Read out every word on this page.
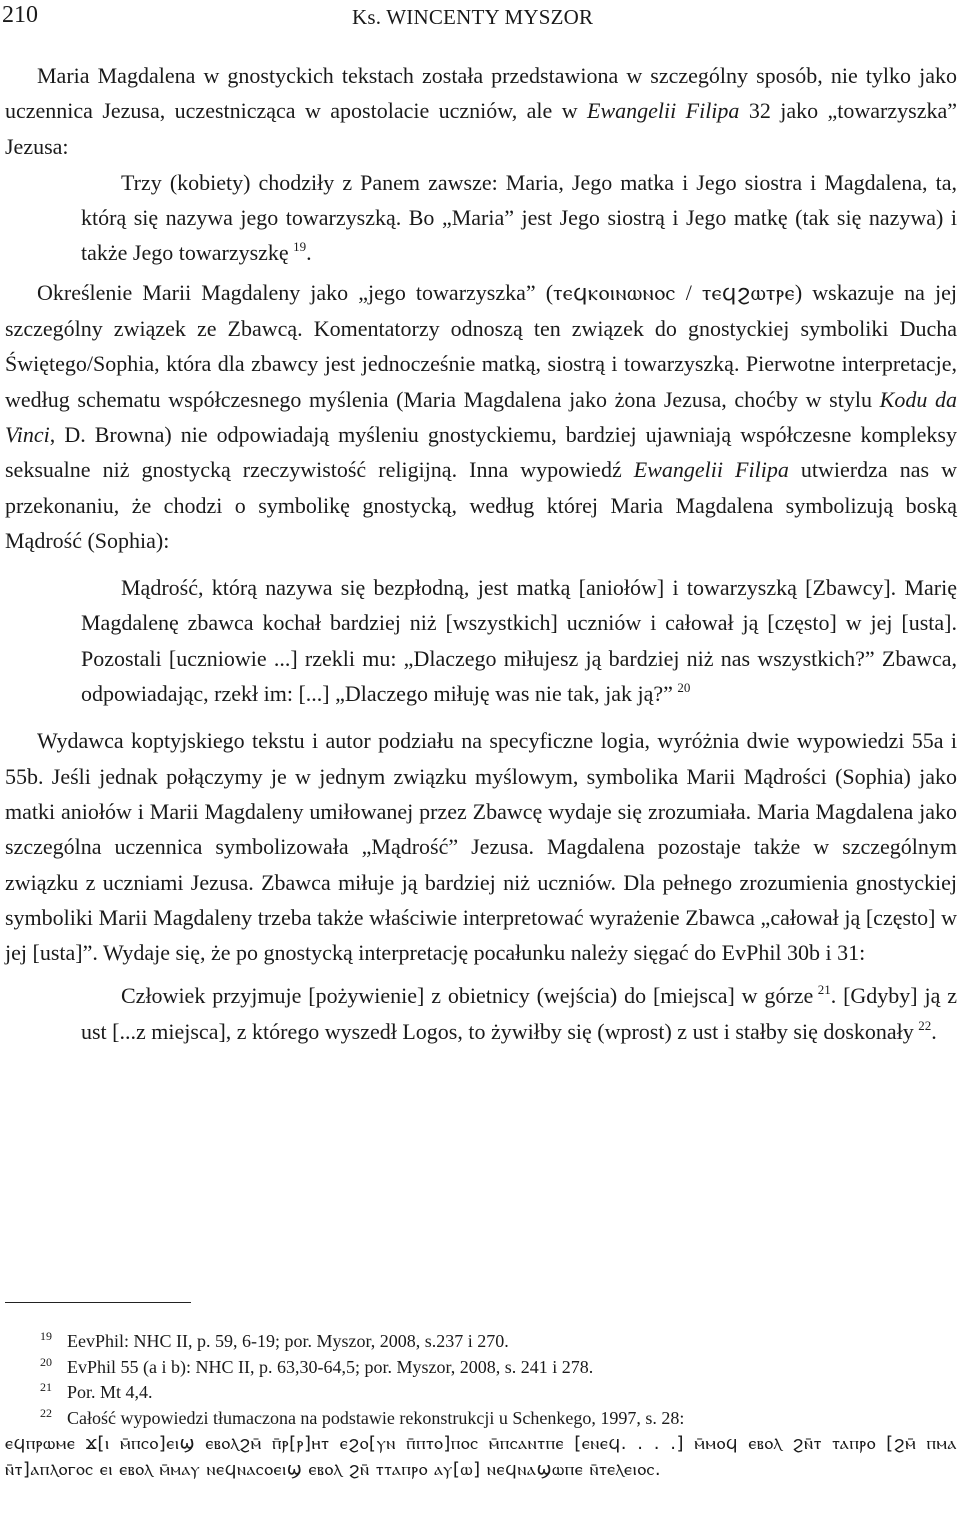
210	Ks. WINCENTY MYSZOR

Maria Magdalena w gnostyckich tekstach została przedstawiona w szczególny sposób, nie tylko jako uczennica Jezusa, uczestnicząca w apostolacie uczniów, ale w Ewangelii Filipa 32 jako „towarzyszka” Jezusa:

Trzy (kobiety) chodziły z Panem zawsze: Maria, Jego matka i Jego siostra i Magdalena, ta, którą się nazywa jego towarzyszką. Bo „Maria” jest Jego siostrą i Jego matkę (tak się nazywa) i także Jego towarzyszkę  $^{19}$.

Określenie Marii Magdaleny jako „jego towarzyszka” (ⲧⲉϥⲕⲟⲓⲛⲱⲛⲟⲥ / ⲧⲉϥϩⲱⲧⲣⲉ) wskazuje na jej szczególny związek ze Zbawcą. Komentatorzy odnoszą ten związek do gnostyckiej symboliki Ducha Świętego/Sophia, która dla zbawcy jest jednocześnie matką, siostrą i towarzyszką. Pierwotne interpretacje, według schematu współczesnego myślenia (Maria Magdalena jako żona Jezusa, choćby w stylu Kodu da Vinci, D. Browna) nie odpowiadają myśleniu gnostyckiemu, bardziej ujawniają współczesne kompleksy seksualne niż gnostycką rzeczywistość religijną. Inna wypowiedź Ewangelii Filipa utwierdza nas w przekonaniu, że chodzi o symbolikę gnostycką, według której Maria Magdalena symbolizują boską Mądrość (Sophia):

Mądrość, którą nazywa się bezpłodną, jest matką [aniołów] i towarzyszką [Zbawcy]. Marię Magdalenę zbawca kochał bardziej niż [wszystkich] uczniów i całował ją [często] w jej [usta]. Pozostali [uczniowie ...] rzekli mu: „Dlaczego miłujesz ją bardziej niż nas wszystkich?” Zbawca, odpowiadając, rzekł im: [...] „Dlaczego miłuję was nie tak, jak ją?”  $^{20}$

Wydawca koptyjskiego tekstu i autor podziału na specyficzne logia, wyróżnia dwie wypowiedzi 55a i 55b. Jeśli jednak połączymy je w jednym związku myślowym, symbolika Marii Mądrości (Sophia) jako matki aniołów i Marii Magdaleny umiłowanej przez Zbawcę wydaje się zrozumiała. Maria Magdalena jako szczególna uczennica symbolizowała „Mądrość” Jezusa. Magdalena pozostaje także w szczególnym związku z uczniami Jezusa. Zbawca miłuje ją bardziej niż uczniów. Dla pełnego zrozumienia gnostyckiej symboliki Marii Magdaleny trzeba także właściwie interpretować wyrażenie Zbawca „całował ją [często] w jej [usta]”. Wydaje się, że po gnostycką interpretację pocałunku należy sięgać do EvPhil 30b i 31:

Człowiek przyjmuje [pożywienie] z obietnicy (wejścia) do [miejsca] w górze  $^{21}$. [Gdyby] ją z ust [...z miejsca], z którego wyszedł Logos, to żywiłby się (wprost) z ust i stałby się doskonały  $^{22}$.
19 EevPhil: NHC II, p. 59, 6-19; por. Myszor, 2008, s.237 i 270.
20 EvPhil 55 (a i b): NHC II, p. 63,30-64,5; por. Myszor, 2008, s. 241 i 278.
21 Por. Mt 4,4.
22 Całość wypowiedzi tłumaczona na podstawie rekonstrukcji u Schenkego, 1997, s. 28:
ⲉϥⲡⲣⲱⲙⲉ ϫ[ⲓ ⲙ̄ⲡⲥⲟ]ⲉⲓϣ ⲉⲃⲟⲗϩⲙ̄ ⲡ̄ⲣ[ⲣ]ⲏⲧ ⲉϩⲟ[ⲩⲛ ⲡ̄ⲡⲧⲟ]ⲡⲟⲥ ⲙ̄ⲡⲥⲁⲛⲧⲡⲉ [ⲉⲛⲉϥ. . . .] ⲙ̄ⲙⲟϥ ⲉⲃⲟⲗ ϩⲛ̄ⲧ ⲧⲁⲡⲣⲟ [ϩⲙ̄ ⲡⲙⲁ ⲛ̄ⲧ]ⲁⲡⲗⲟⲅⲟⲥ ⲉⲓ ⲉⲃⲟⲗ ⲙ̄ⲙⲁⲩ ⲛⲉϥⲛⲁⲥⲟⲉⲓϣ ⲉⲃⲟⲗ ϩⲛ̄ ⲧⲧⲁⲡⲣⲟ ⲁⲩ[ⲱ] ⲛⲉϥⲛⲁϣⲱⲡⲉ ⲛ̄ⲧⲉⲗⲉⲓⲟⲥ.
